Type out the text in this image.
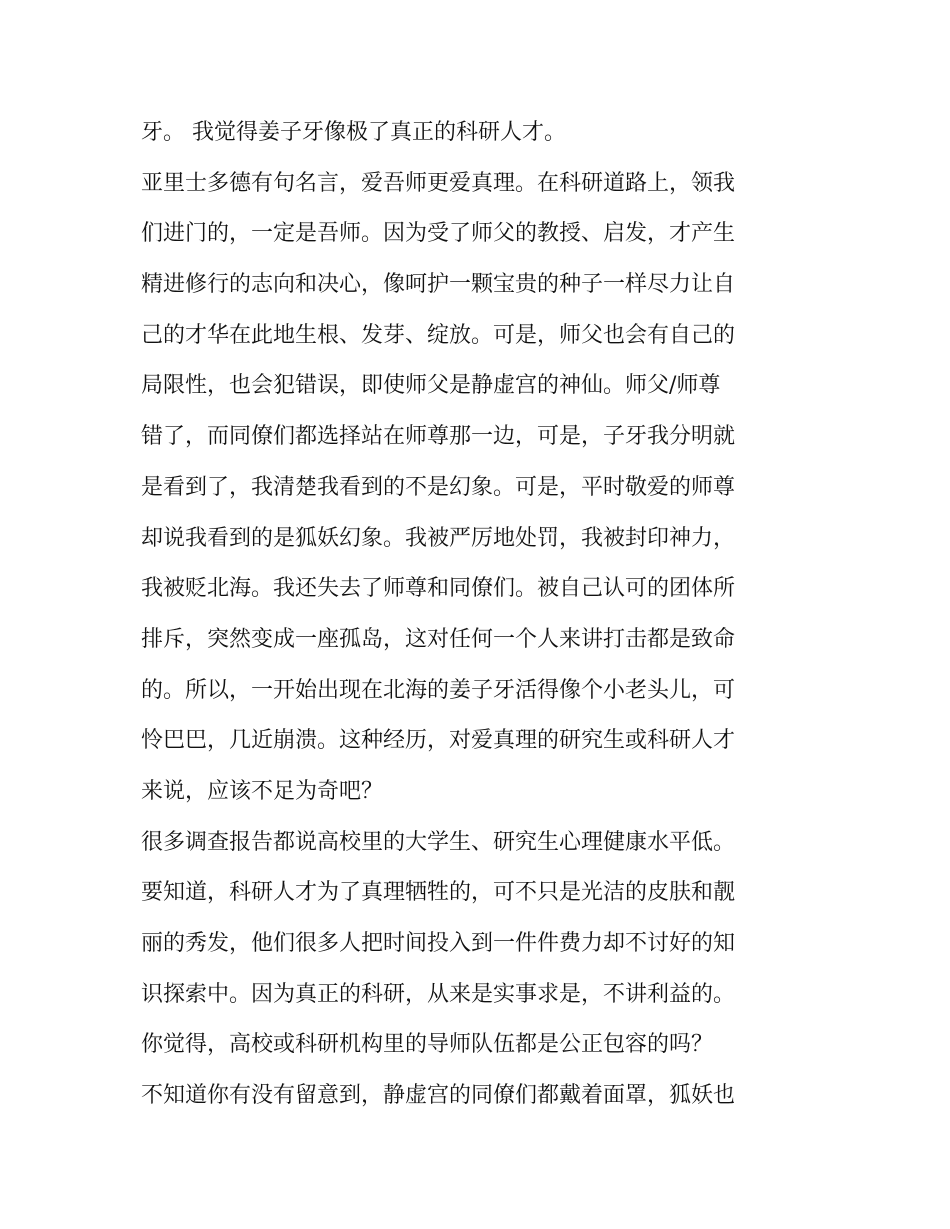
牙。 我觉得姜子牙像极了真正的科研人才。
亚里士多德有句名言，爱吾师更爱真理。在科研道路上，领我
们进门的，一定是吾师。因为受了师父的教授、启发，才产生
精进修行的志向和决心，像呵护一颗宝贵的种子一样尽力让自
己的才华在此地生根、发芽、绽放。可是，师父也会有自己的
局限性，也会犯错误，即使师父是静虚宫的神仙。师父/师尊
错了，而同僚们都选择站在师尊那一边，可是，子牙我分明就
是看到了，我清楚我看到的不是幻象。可是，平时敬爱的师尊
却说我看到的是狐妖幻象。我被严厉地处罚，我被封印神力，
我被贬北海。我还失去了师尊和同僚们。被自己认可的团体所
排斥，突然变成一座孤岛，这对任何一个人来讲打击都是致命
的。所以，一开始出现在北海的姜子牙活得像个小老头儿，可
怜巴巴，几近崩溃。这种经历，对爱真理的研究生或科研人才
来说，应该不足为奇吧？
很多调查报告都说高校里的大学生、研究生心理健康水平低。
要知道，科研人才为了真理牺牲的，可不只是光洁的皮肤和靓
丽的秀发，他们很多人把时间投入到一件件费力却不讨好的知
识探索中。因为真正的科研，从来是实事求是，不讲利益的。
你觉得，高校或科研机构里的导师队伍都是公正包容的吗？
不知道你有没有留意到，静虚宫的同僚们都戴着面罩，狐妖也
